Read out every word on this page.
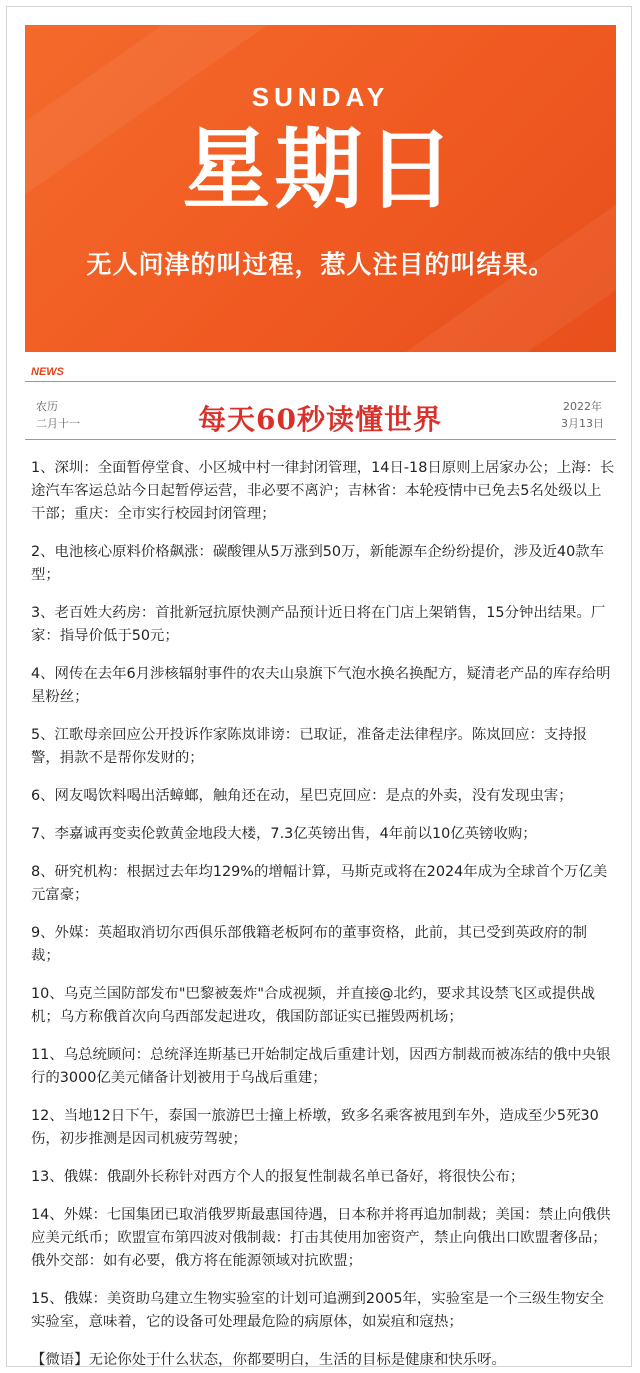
SUNDAY
星期日
无人问津的叫过程，惹人注目的叫结果。
NEWS
农历
二月十一	每天60秒读懂世界	2022年
3月13日
1、深圳：全面暂停堂食、小区城中村一律封闭管理，14日-18日原则上居家办公；上海：长途汽车客运总站今日起暂停运营，非必要不离沪；吉林省：本轮疫情中已免去5名处级以上干部；重庆：全市实行校园封闭管理；
2、电池核心原料价格飙涨：碳酸锂从5万涨到50万，新能源车企纷纷提价，涉及近40款车型；
3、老百姓大药房：首批新冠抗原快测产品预计近日将在门店上架销售，15分钟出结果。厂家：指导价低于50元；
4、网传在去年6月涉核辐射事件的农夫山泉旗下气泡水换名换配方，疑清老产品的库存给明星粉丝；
5、江歌母亲回应公开投诉作家陈岚诽谤：已取证，准备走法律程序。陈岚回应：支持报警，捐款不是帮你发财的；
6、网友喝饮料喝出活蟑螂，触角还在动，星巴克回应：是点的外卖，没有发现虫害；
7、李嘉诚再变卖伦敦黄金地段大楼，7.3亿英镑出售，4年前以10亿英镑收购；
8、研究机构：根据过去年均129%的增幅计算，马斯克或将在2024年成为全球首个万亿美元富豪；
9、外媒：英超取消切尔西俱乐部俄籍老板阿布的董事资格，此前，其已受到英政府的制裁；
10、乌克兰国防部发布"巴黎被轰炸"合成视频，并直接@北约，要求其设禁飞区或提供战机；乌方称俄首次向乌西部发起进攻，俄国防部证实已摧毁两机场；
11、乌总统顾问：总统泽连斯基已开始制定战后重建计划，因西方制裁而被冻结的俄中央银行的3000亿美元储备计划被用于乌战后重建；
12、当地12日下午，泰国一旅游巴士撞上桥墩，致多名乘客被甩到车外，造成至少5死30伤，初步推测是因司机疲劳驾驶；
13、俄媒：俄副外长称针对西方个人的报复性制裁名单已备好，将很快公布；
14、外媒：七国集团已取消俄罗斯最惠国待遇，日本称并将再追加制裁；美国：禁止向俄供应美元纸币；欧盟宣布第四波对俄制裁：打击其使用加密资产，禁止向俄出口欧盟奢侈品；俄外交部：如有必要，俄方将在能源领域对抗欧盟；
15、俄媒：美资助乌建立生物实验室的计划可追溯到2005年，实验室是一个三级生物安全实验室，意味着，它的设备可处理最危险的病原体，如炭疽和寇热；
【微语】无论你处于什么状态，你都要明白，生活的目标是健康和快乐呀。
